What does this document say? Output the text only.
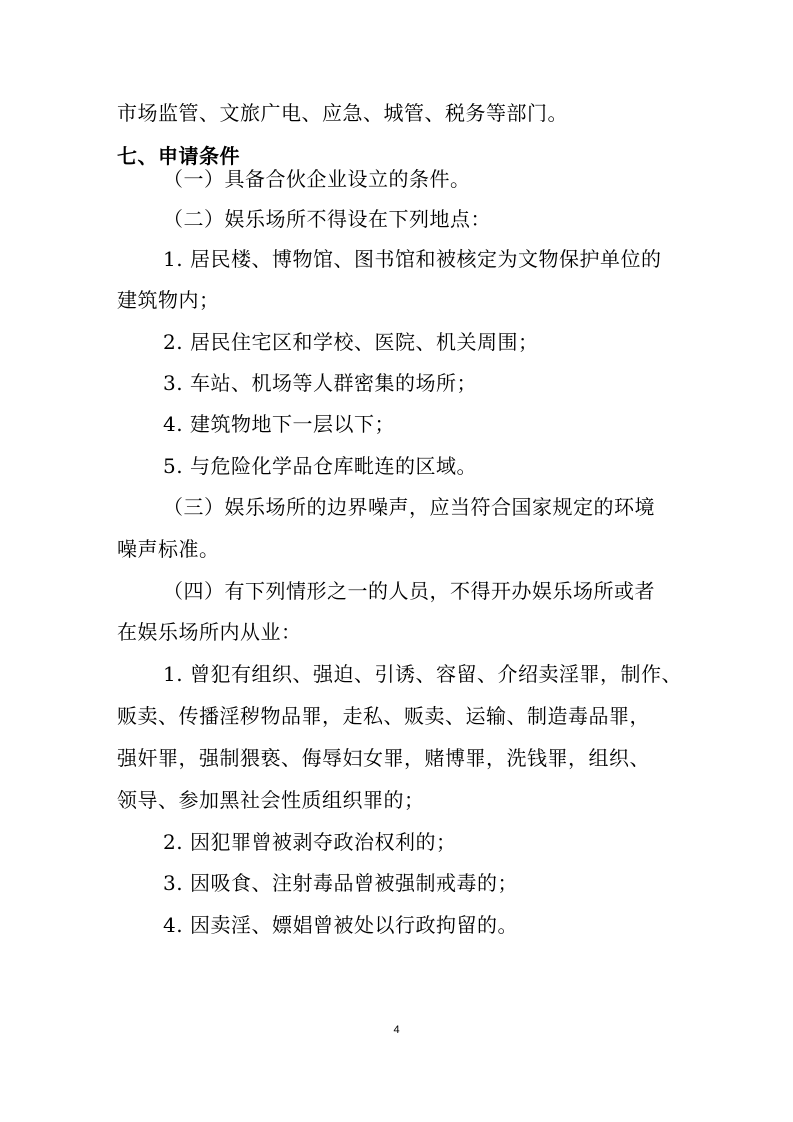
市场监管、文旅广电、应急、城管、税务等部门。
七、申请条件
（一）具备合伙企业设立的条件。
（二）娱乐场所不得设在下列地点：
1. 居民楼、博物馆、图书馆和被核定为文物保护单位的
建筑物内；
2. 居民住宅区和学校、医院、机关周围；
3. 车站、机场等人群密集的场所；
4. 建筑物地下一层以下；
5. 与危险化学品仓库毗连的区域。
（三）娱乐场所的边界噪声，应当符合国家规定的环境
噪声标准。
（四）有下列情形之一的人员，不得开办娱乐场所或者
在娱乐场所内从业：
1. 曾犯有组织、强迫、引诱、容留、介绍卖淫罪，制作、
贩卖、传播淫秽物品罪，走私、贩卖、运输、制造毒品罪，
强奸罪，强制猥亵、侮辱妇女罪，赌博罪，洗钱罪，组织、
领导、参加黑社会性质组织罪的；
2. 因犯罪曾被剥夺政治权利的；
3. 因吸食、注射毒品曾被强制戒毒的；
4. 因卖淫、嫖娼曾被处以行政拘留的。
4
